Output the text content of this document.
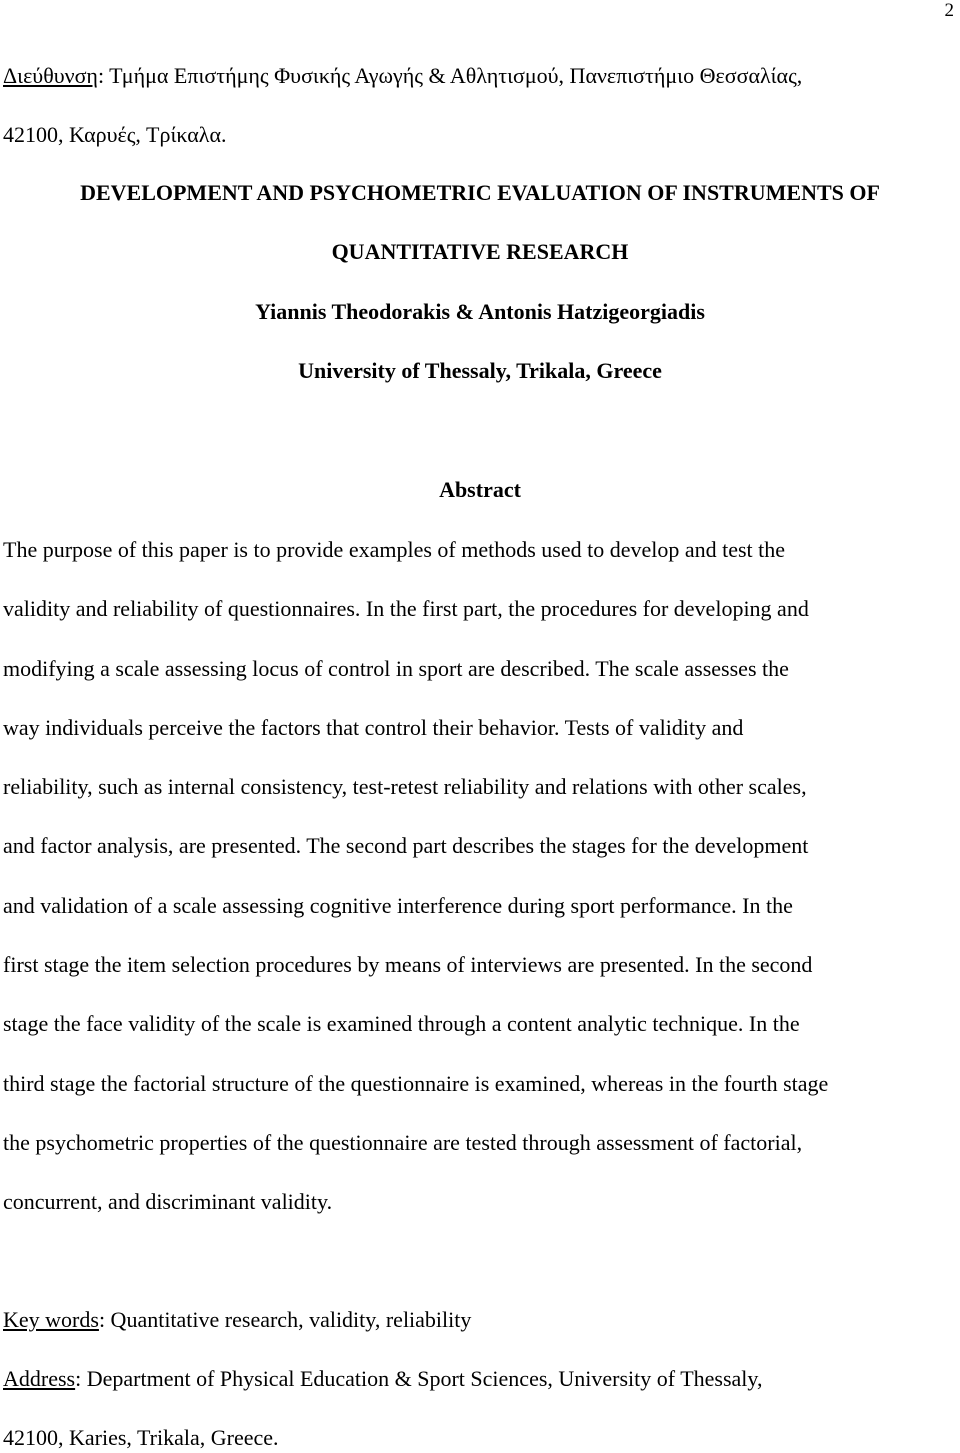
2
Διεύθυνση: Τμήμα Επιστήμης Φυσικής Αγωγής & Αθλητισμού, Πανεπιστήμιο Θεσσαλίας,
42100, Καρυές, Τρίκαλα.
DEVELOPMENT AND PSYCHOMETRIC EVALUATION OF INSTRUMENTS OF
QUANTITATIVE RESEARCH
Yiannis Theodorakis & Antonis Hatzigeorgiadis
University of Thessaly, Trikala, Greece
Abstract
The purpose of this paper is to provide examples of methods used to develop and test the
validity and reliability of questionnaires. In the first part, the procedures for developing and
modifying a scale assessing locus of control in sport are described. The scale assesses the
way individuals perceive the factors that control their behavior. Tests of validity and
reliability, such as internal consistency, test-retest reliability and relations with other scales,
and factor analysis, are presented. The second part describes the stages for the development
and validation of a scale assessing cognitive interference during sport performance. In the
first stage the item selection procedures by means of interviews are presented. In the second
stage the face validity of the scale is examined through a content analytic technique. In the
third stage the factorial structure of the questionnaire is examined, whereas in the fourth stage
the psychometric properties of the questionnaire are tested through assessment of factorial,
concurrent, and discriminant validity.
Key words: Quantitative research, validity, reliability
Address: Department of Physical Education & Sport Sciences, University of Thessaly,
42100, Karies, Trikala, Greece.
